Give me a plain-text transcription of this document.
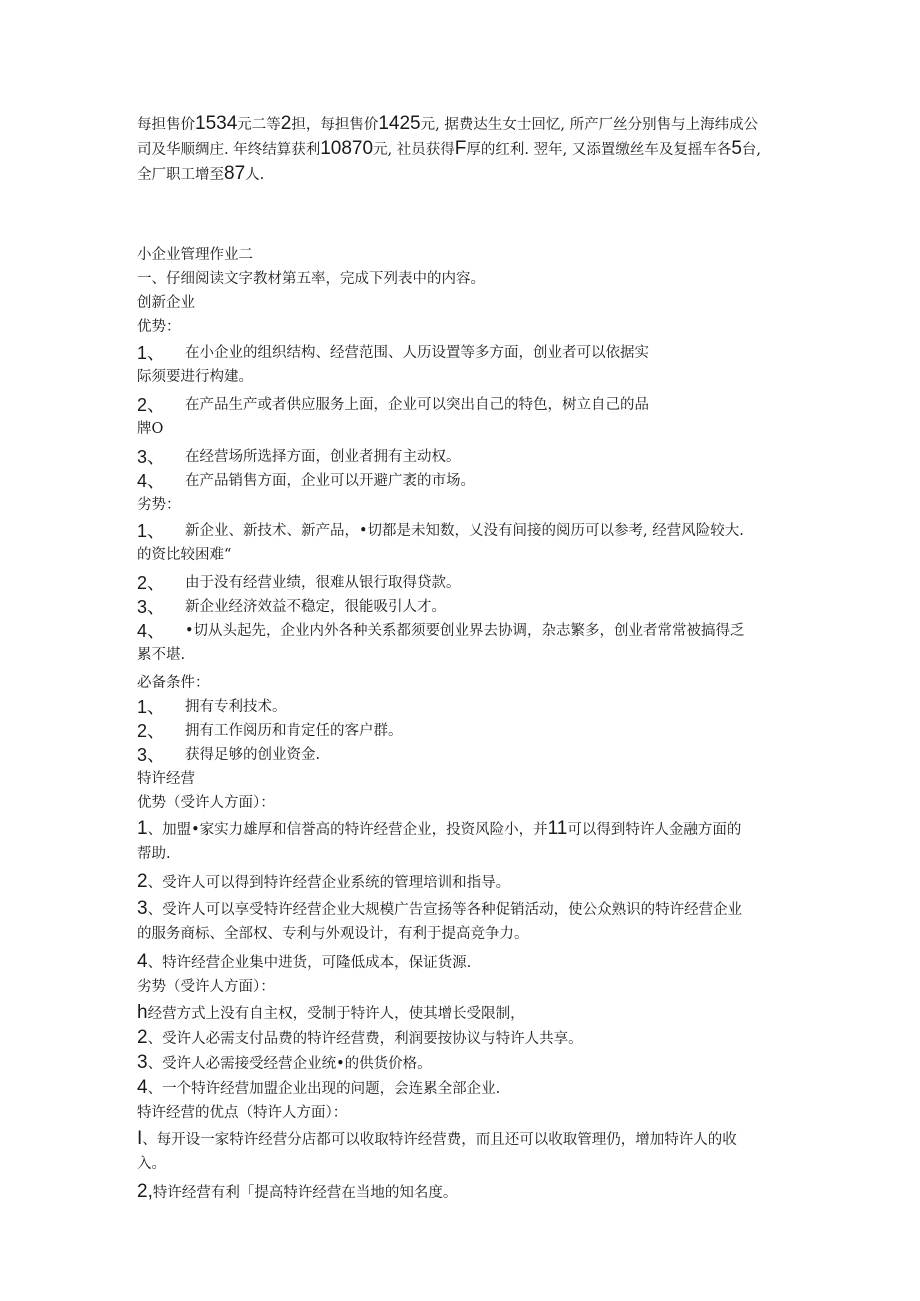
每担售价1534元二等2担，每担售价1425元, 据费达生女士回忆, 所产厂丝分别售与上海纬成公

司及华顺绸庄. 年终结算获利10870元, 社员获得F厚的红利. 翌年, 又添置缴丝车及复摇车各5台,

全厂职工增至87人.

小企业管理作业二

一、仔细阅读文字教材第五率，完成下列表中的内容。

创新企业

优势：

1、	在小企业的组织结构、经营范围、人历设置等多方面，创业者可以依据实

际须要进行构建。

2、	在产品生产或者供应服务上面，企业可以突出自己的特色，树立自己的品

牌O

3、	在经营场所选择方面，创业者拥有主动权。
4、	在产品销售方面，企业可以开避广袤的市场。

劣势：

1、	新企业、新技术、新产品，•切都是未知数，乂没有间接的阅历可以参考, 经营风险较大.

的资比较困难“

2、	由于没有经营业绩，很难从银行取得贷款。
3、	新企业经济效益不稳定，很能吸引人才。
4、	•切从头起先，企业内外各种关系都须要创业界去协调，杂志繁多，创业者常常被搞得乏

累不堪.

必备条件：

1、	拥有专利技术。
2、	拥有工作阅历和肯定任的客户群。
3、	获得足够的创业资金.

特许经营

优势（受许人方面）：

1、加盟•家实力雄厚和信誉高的特许经营企业，投资风险小，并11可以得到特许人金融方面的

帮助.

2、受许人可以得到特许经营企业系统的管理培训和指导。

3、受许人可以享受特许经营企业大规模广告宣扬等各种促销活动，使公众熟识的特许经营企业

的服务商标、全部权、专利与外观设计，有利于提高竞争力。

4、特许经营企业集中进货，可隆低成本，保证货源.

劣势（受许人方面）：

h经营方式上没有自主权，受制于特许人，使其增长受限制，

2、受许人必需支付品费的特许经营费，利润要按协议与特许人共享。

3、受许人必需接受经营企业统•的供货价格。

4、一个特许经营加盟企业出现的问题，会连累全部企业.

特许经营的优点（特许人方面）：

I、每开设一家特许经营分店都可以收取特许经营费，而且还可以收取管理仍，增加特许人的收

入。

2,特许经营有利「提高特许经营在当地的知名度。
